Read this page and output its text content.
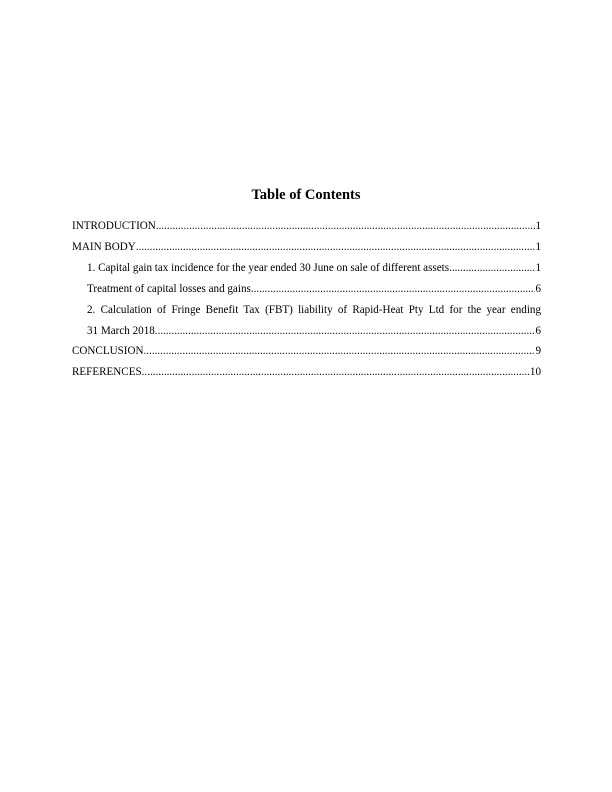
Table of Contents
INTRODUCTION .....	1
MAIN BODY .....	1
1. Capital gain tax incidence for the year ended 30 June on sale of different assets .....	1
Treatment of capital losses and gains .....	6
2. Calculation of Fringe Benefit Tax (FBT) liability of Rapid-Heat Pty Ltd for the year ending
31 March 2018 .....	6
CONCLUSION .....	9
REFERENCES .....	10
